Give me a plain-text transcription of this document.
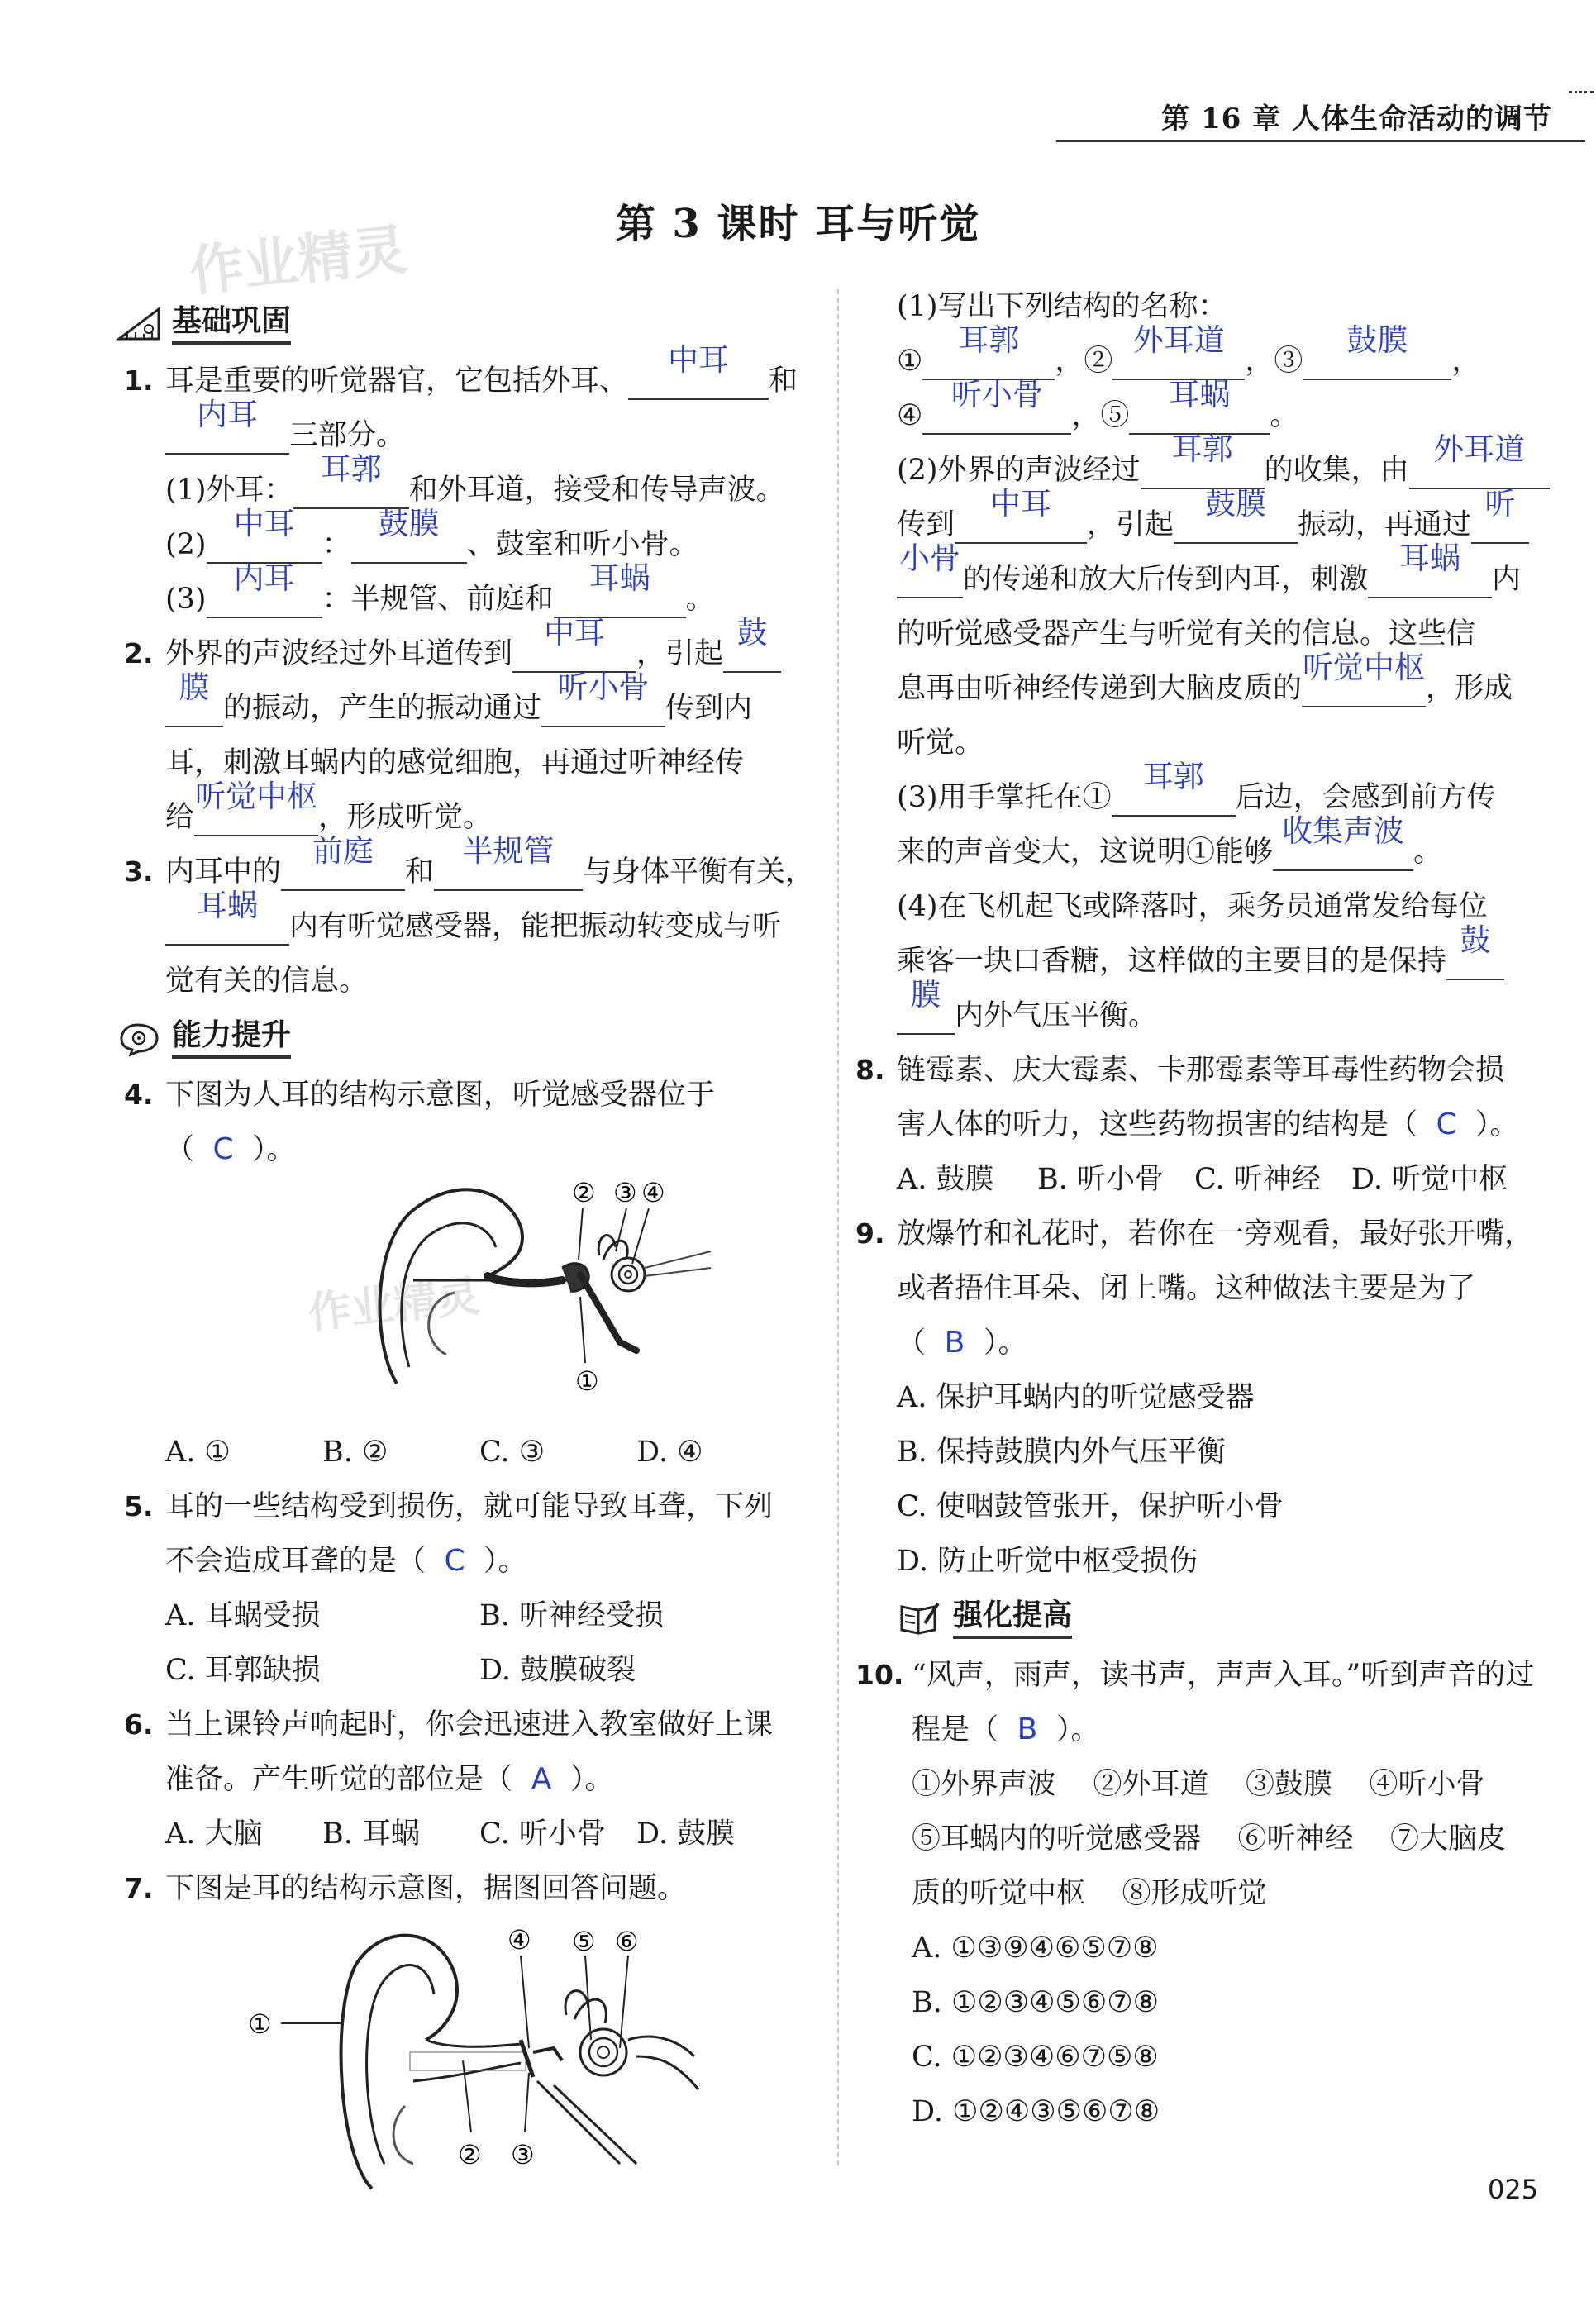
第 16 章 人体生命活动的调节
作业精灵
作业精灵
第 3 课时 耳与听觉
基础巩固
1. 耳是重要的听觉器官，它包括外耳、
中耳
和

内耳
三部分。

(1)外耳：
耳郭
和外耳道，接受和传导声波。

(2)
中耳
：
鼓膜
、鼓室和听小骨。

(3)
内耳
：半规管、前庭和
耳蜗
。

2. 外界的声波经过外耳道传到
中耳
，引起
鼓

膜
的振动，产生的振动通过
听小骨
传到内

耳，刺激耳蜗内的感觉细胞，再通过听神经传

给
听觉中枢
，形成听觉。

3. 内耳中的
前庭
和
半规管
与身体平衡有关，

耳蜗
内有听觉感受器，能把振动转变成与听

觉有关的信息。

能力提升
4. 下图为人耳的结构示意图，听觉感受器位于

（ C ）。

② ③ ④
①
A. ①	B. ②	C. ③	D. ④
5. 耳的一些结构受到损伤，就可能导致耳聋，下列

不会造成耳聋的是（ C ）。

A. 耳蜗受损	B. 听神经受损
C. 耳郭缺损	D. 鼓膜破裂
6. 当上课铃声响起时，你会迅速进入教室做好上课

准备。产生听觉的部位是（ A ）。

A. 大脑	B. 耳蜗	C. 听小骨	D. 鼓膜
7. 下图是耳的结构示意图，据图回答问题。

①
② ③
④ ⑤ ⑥

(1)写出下列结构的名称：

①
耳郭
，②
外耳道
，③
鼓膜
，

④
听小骨
，⑤
耳蜗
。

(2)外界的声波经过
耳郭
的收集，由
外耳道

传到
中耳
，引起
鼓膜
振动，再通过
听

小骨
的传递和放大后传到内耳，刺激
耳蜗
内

的听觉感受器产生与听觉有关的信息。这些信

息再由听神经传递到大脑皮质的
听觉中枢
，形成

听觉。

(3)用手掌托在①
耳郭
后边，会感到前方传

来的声音变大，这说明①能够
收集声波
。

(4)在飞机起飞或降落时，乘务员通常发给每位

乘客一块口香糖，这样做的主要目的是保持
鼓

膜
内外气压平衡。

8. 链霉素、庆大霉素、卡那霉素等耳毒性药物会损

害人体的听力，这些药物损害的结构是（ C ）。

A. 鼓膜	B. 听小骨	C. 听神经	D. 听觉中枢
9. 放爆竹和礼花时，若你在一旁观看，最好张开嘴，

或者捂住耳朵、闭上嘴。这种做法主要是为了

（ B ）。

A. 保护耳蜗内的听觉感受器

B. 保持鼓膜内外气压平衡

C. 使咽鼓管张开，保护听小骨

D. 防止听觉中枢受损伤

强化提高
10. “风声，雨声，读书声，声声入耳。”听到声音的过

程是（ B ）。

①外界声波    ②外耳道    ③鼓膜    ④听小骨

⑤耳蜗内的听觉感受器    ⑥听神经    ⑦大脑皮

质的听觉中枢    ⑧形成听觉

A. ①③⑨④⑥⑤⑦⑧

B. ①②③④⑤⑥⑦⑧

C. ①②③④⑥⑦⑤⑧

D. ①②④③⑤⑥⑦⑧

025
